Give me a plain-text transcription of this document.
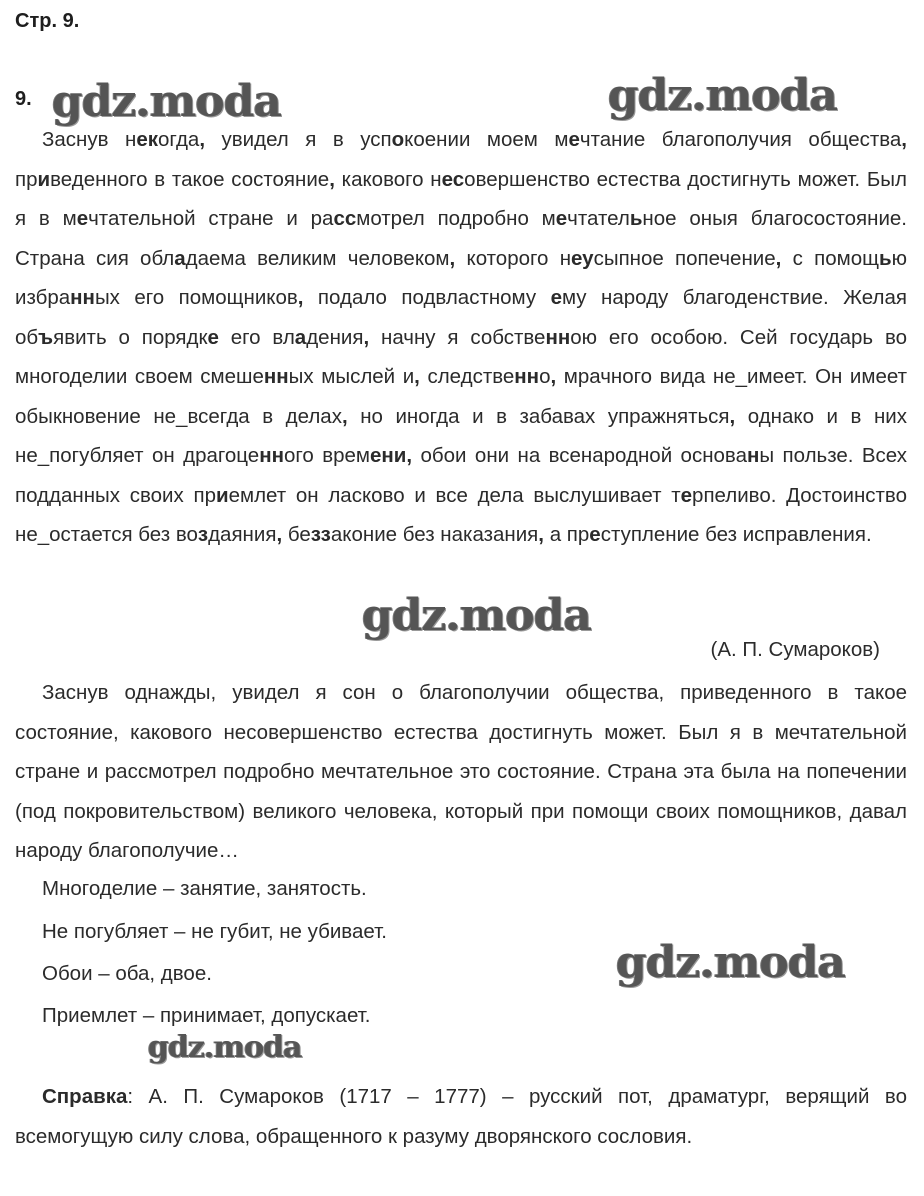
Стр. 9.
9. gdz.moda	gdz.moda
Заснув некогда, увидел я в успокоении моем мечтание благополучия общества, приведенного в такое состояние, какового несовершенство естества достигнуть может. Был я в мечтательной стране и рассмотрел подробно мечтательное оныя благосостояние. Страна сия обладаема великим человеком, которого неусыпное попечение, с помощью избранных его помощников, подало подвластному ему народу благоденствие. Желая объявить о порядке его владения, начну я собственною его особою. Сей государь во многоделии своем смешенных мыслей и, следственно, мрачного вида не_имеет. Он имеет обыкновение не_всегда в делах, но иногда и в забавах упражняться, однако и в них не_погубляет он драгоценного времени, обои они на всенародной основаны пользе. Всех подданных своих приемлет он ласково и все дела выслушивает терпеливо. Достоинство не_остается без воздаяния, беззаконие без наказания, а преступление без исправления.
gdz.moda
(А. П. Сумароков)
Заснув однажды, увидел я сон о благополучии общества, приведенного в такое состояние, какового несовершенство естества достигнуть может. Был я в мечтательной стране и рассмотрел подробно мечтательное это состояние. Страна эта была на попечении (под покровительством) великого человека, который при помощи своих помощников, давал народу благополучие…
Многоделие – занятие, занятость.
Не погубляет – не губит, не убивает.
Обои – оба, двое.
Приемлет – принимает, допускает.
gdz.moda
gdz.moda
Справка: А. П. Сумароков (1717 – 1777) – русский пот, драматург, верящий во всемогущую силу слова, обращенного к разуму дворянского сословия.
